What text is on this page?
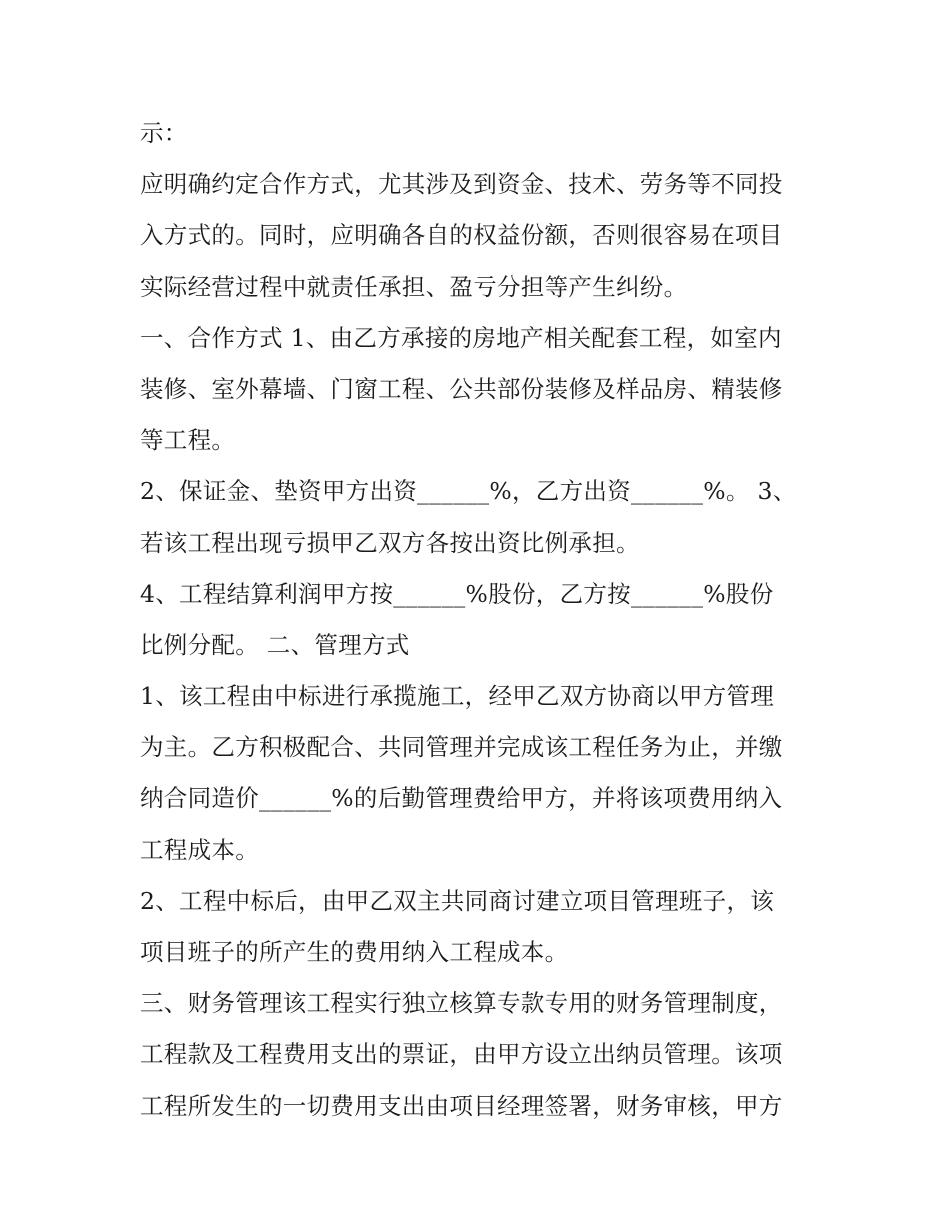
示：
应明确约定合作方式，尤其涉及到资金、技术、劳务等不同投
入方式的。同时，应明确各自的权益份额，否则很容易在项目
实际经营过程中就责任承担、盈亏分担等产生纠纷。
一、合作方式 1、由乙方承接的房地产相关配套工程，如室内
装修、室外幕墙、门窗工程、公共部份装修及样品房、精装修
等工程。
2、保证金、垫资甲方出资______%，乙方出资______%。 3、
若该工程出现亏损甲乙双方各按出资比例承担。
4、工程结算利润甲方按______%股份，乙方按______%股份
比例分配。 二、管理方式
1、该工程由中标进行承揽施工，经甲乙双方协商以甲方管理
为主。乙方积极配合、共同管理并完成该工程任务为止，并缴
纳合同造价______%的后勤管理费给甲方，并将该项费用纳入
工程成本。
2、工程中标后，由甲乙双主共同商讨建立项目管理班子，该
项目班子的所产生的费用纳入工程成本。
三、财务管理该工程实行独立核算专款专用的财务管理制度，
工程款及工程费用支出的票证，由甲方设立出纳员管理。该项
工程所发生的一切费用支出由项目经理签署，财务审核，甲方
